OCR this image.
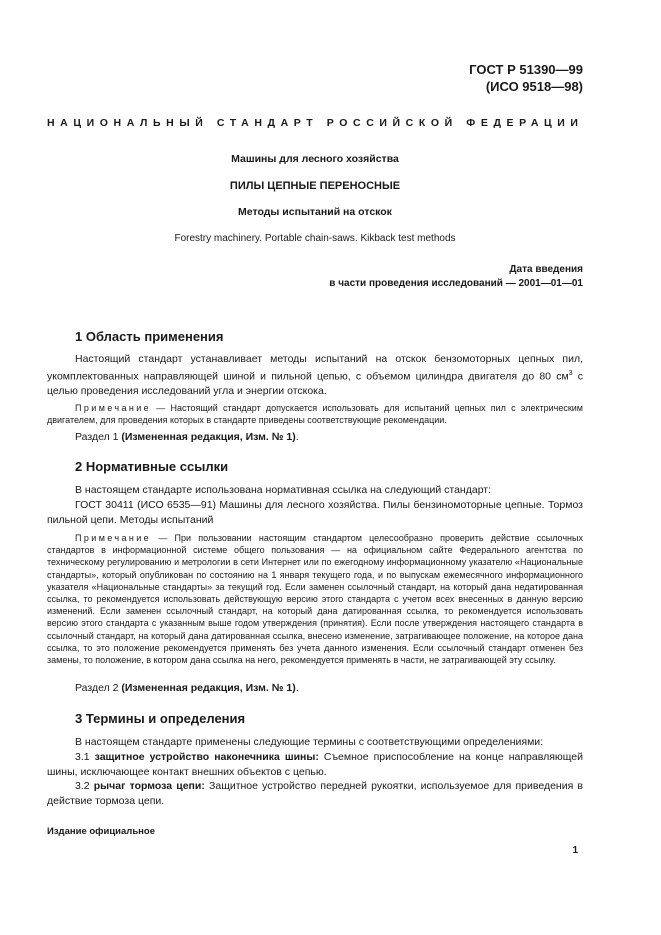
ГОСТ Р 51390—99
(ИСО 9518—98)
НАЦИОНАЛЬНЫЙ СТАНДАРТ РОССИЙСКОЙ ФЕДЕРАЦИИ
Машины для лесного хозяйства
ПИЛЫ ЦЕПНЫЕ ПЕРЕНОСНЫЕ
Методы испытаний на отскок
Forestry machinery. Portable chain-saws. Kikback test methods
Дата введения
в части проведения исследований — 2001—01—01
1 Область применения
Настоящий стандарт устанавливает методы испытаний на отскок бензомоторных цепных пил, укомплектованных направляющей шиной и пильной цепью, с объемом цилиндра двигателя до 80 $см^3$ с целью проведения исследований угла и энергии отскока.
Примечание — Настоящий стандарт допускается использовать для испытаний цепных пил с электрическим двигателем, для проведения которых в стандарте приведены соответствующие рекомендации.
Раздел 1 (Измененная редакция, Изм. № 1).
2 Нормативные ссылки
В настоящем стандарте использована нормативная ссылка на следующий стандарт:
ГОСТ 30411 (ИСО 6535—91) Машины для лесного хозяйства. Пилы бензиномоторные цепные. Тормоз пильной цепи. Методы испытаний
Примечание — При пользовании настоящим стандартом целесообразно проверить действие ссылочных стандартов в информационной системе общего пользования — на официальном сайте Федерального агентства по техническому регулированию и метрологии в сети Интернет или по ежегодному информационному указателю «Национальные стандарты», который опубликован по состоянию на 1 января текущего года, и по выпускам ежемесячного информационного указателя «Национальные стандарты» за текущий год. Если заменен ссылочный стандарт, на который дана недатированная ссылка, то рекомендуется использовать действующую версию этого стандарта с учетом всех внесенных в данную версию изменений. Если заменен ссылочный стандарт, на который дана датированная ссылка, то рекомендуется использовать версию этого стандарта с указанным выше годом утверждения (принятия). Если после утверждения настоящего стандарта в ссылочный стандарт, на который дана датированная ссылка, внесено изменение, затрагивающее положение, на которое дана ссылка, то это положение рекомендуется применять без учета данного изменения. Если ссылочный стандарт отменен без замены, то положение, в котором дана ссылка на него, рекомендуется применять в части, не затрагивающей эту ссылку.
Раздел 2 (Измененная редакция, Изм. № 1).
3 Термины и определения
В настоящем стандарте применены следующие термины с соответствующими определениями:
3.1 защитное устройство наконечника шины: Съемное приспособление на конце направляющей шины, исключающее контакт внешних объектов с цепью.
3.2 рычаг тормоза цепи: Защитное устройство передней рукоятки, используемое для приведения в действие тормоза цепи.
Издание официальное
1
